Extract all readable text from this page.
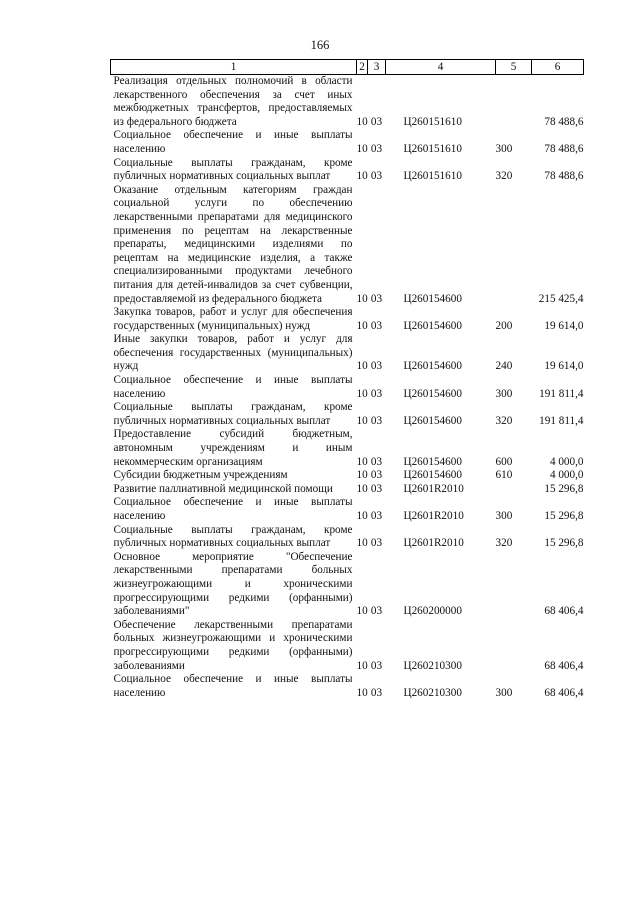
166
1	2	3	4	5	6
Реализация отдельных полномочий в области лекарственного обеспечения за счет иных межбюджетных трансфертов, предоставляемых из федерального бюджета	10	03	Ц260151610		78 488,6
Социальное обеспечение и иные выплаты населению	10	03	Ц260151610	300	78 488,6
Социальные выплаты гражданам, кроме публичных нормативных социальных выплат	10	03	Ц260151610	320	78 488,6
Оказание отдельным категориям граждан социальной услуги по обеспечению лекарственными препаратами для медицинского применения по рецептам на лекарственные препараты, медицинскими изделиями по рецептам на медицинские изделия, а также специализированными продуктами лечебного питания для детей-инвалидов за счет субвенции, предоставляемой из федерального бюджета	10	03	Ц260154600		215 425,4
Закупка товаров, работ и услуг для обеспечения государственных (муниципальных) нужд	10	03	Ц260154600	200	19 614,0
Иные закупки товаров, работ и услуг для обеспечения государственных (муниципальных) нужд	10	03	Ц260154600	240	19 614,0
Социальное обеспечение и иные выплаты населению	10	03	Ц260154600	300	191 811,4
Социальные выплаты гражданам, кроме публичных нормативных социальных выплат	10	03	Ц260154600	320	191 811,4
Предоставление субсидий бюджетным, автономным учреждениям и иным некоммерческим организациям	10	03	Ц260154600	600	4 000,0
Субсидии бюджетным учреждениям	10	03	Ц260154600	610	4 000,0
Развитие паллиативной медицинской помощи	10	03	Ц2601R2010		15 296,8
Социальное обеспечение и иные выплаты населению	10	03	Ц2601R2010	300	15 296,8
Социальные выплаты гражданам, кроме публичных нормативных социальных выплат	10	03	Ц2601R2010	320	15 296,8
Основное мероприятие "Обеспечение лекарственными препаратами больных жизнеугрожающими и хроническими прогрессирующими редкими (орфанными) заболеваниями"	10	03	Ц260200000		68 406,4
Обеспечение лекарственными препаратами больных жизнеугрожающими и хроническими прогрессирующими редкими (орфанными) заболеваниями	10	03	Ц260210300		68 406,4
Социальное обеспечение и иные выплаты населению	10	03	Ц260210300	300	68 406,4
